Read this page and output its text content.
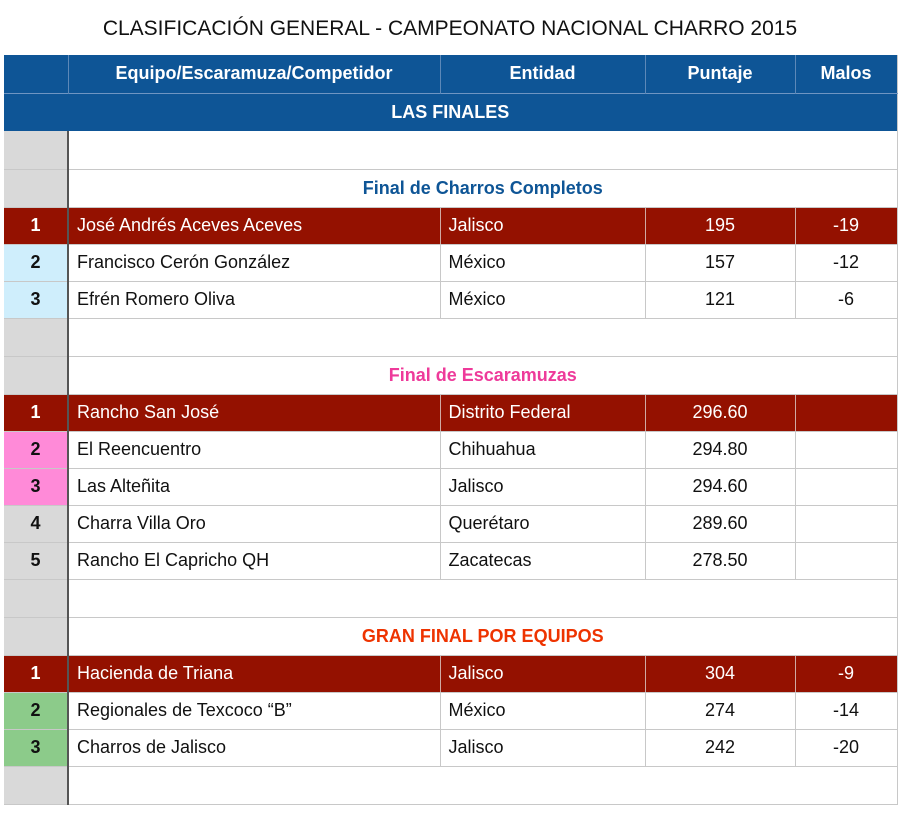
CLASIFICACIÓN GENERAL - CAMPEONATO NACIONAL CHARRO 2015
	Equipo/Escaramuza/Competidor	Entidad	Puntaje	Malos
LAS FINALES				

	Final de Charros Completos			
1	José Andrés Aceves Aceves	Jalisco	195	-19
2	Francisco Cerón González	México	157	-12
3	Efrén Romero Oliva	México	121	-6

	Final de Escaramuzas			
1	Rancho San José	Distrito Federal	296.60	
2	El Reencuentro	Chihuahua	294.80	
3	Las Alteñita	Jalisco	294.60	
4	Charra Villa Oro	Querétaro	289.60	
5	Rancho El Capricho QH	Zacatecas	278.50	

	GRAN FINAL POR EQUIPOS			
1	Hacienda de Triana	Jalisco	304	-9
2	Regionales de Texcoco “B”	México	274	-14
3	Charros de Jalisco	Jalisco	242	-20
